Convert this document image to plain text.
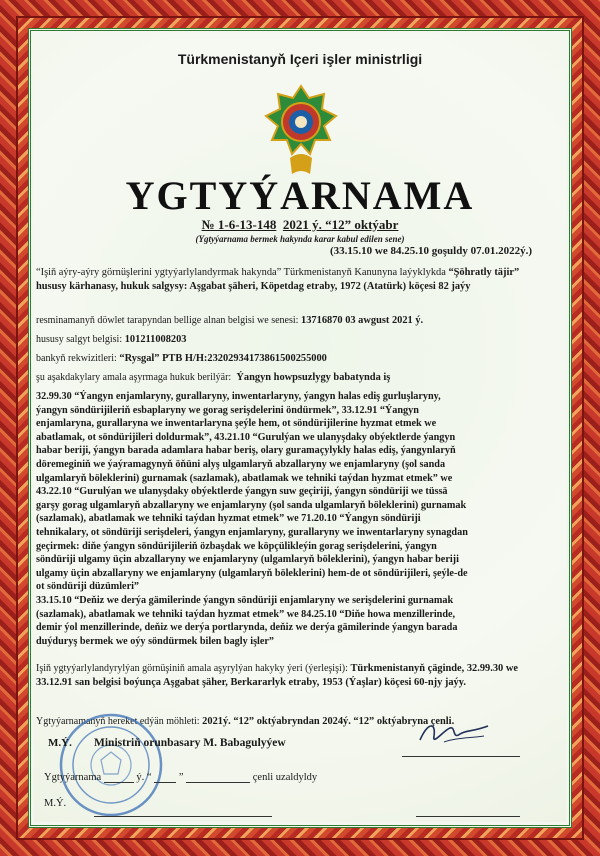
Türkmenistanyň Içeri işler ministrligi
YGTYÝARNAMA
№ 1-6-13-148 2021 ý. “12” oktýabr
(Ygtyýarnama bermek hakynda karar kabul edilen sene)
(33.15.10 we 84.25.10 goşuldy 07.01.2022ý.)
“Işiň aýry-aýry görnüşlerini ygtyýarlylandyrmak hakynda” Türkmenistanyň Kanunyna laýyklykda “Şöhratly täjir” hususy kärhanasy, hukuk salgysy: Aşgabat şäheri, Köpetdag etraby, 1972 (Atatürk) köçesi 82 jaýy
resminamanyň döwlet tarapyndan bellige alnan belgisi we senesi: 13716870 03 awgust 2021 ý.
hususy salgyt belgisi: 101211008203
bankyň rekwizitleri: “Rysgal” PTB H/H:23202934173861500255000
şu aşakdakylary amala aşyrmaga hukuk berilýär: Ýangyn howpsuzlygy babatynda iş
32.99.30 “Ýangyn enjamlaryny, gurallaryny, inwentarlaryny, ýangyn halas ediş gurluşlaryny,
ýangyn söndürijileriň esbaplaryny we gorag serişdelerini öndürmek”, 33.12.91 “Ýangyn
enjamlaryna, gurallaryna we inwentarlaryna şeýle hem, ot söndürijilerine hyzmat etmek we
abatlamak, ot söndürijileri doldurmak”, 43.21.10 “Gurulýan we ulanyşdaky obýektlerde ýangyn
habar beriji, ýangyn barada adamlara habar beriş, olary guramaçylykly halas ediş, ýangynlaryň
döremeginiň we ýaýramagynyň öňüni alyş ulgamlaryň abzallaryny we enjamlaryny (şol sanda
ulgamlaryň böleklerini) gurnamak (sazlamak), abatlamak we tehniki taýdan hyzmat etmek” we
43.22.10 “Gurulýan we ulanyşdaky obýektlerde ýangyn suw geçiriji, ýangyn söndüriji we tüssä
garşy gorag ulgamlaryň abzallaryny we enjamlaryny (şol sanda ulgamlaryň böleklerini) gurnamak
(sazlamak), abatlamak we tehniki taýdan hyzmat etmek” we 71.20.10 “Ýangyn söndüriji
tehnikalary, ot söndüriji serişdeleri, ýangyn enjamlaryny, gurallaryny we inwentarlaryny synagdan
geçirmek: diňe ýangyn söndürijileriň özbaşdak we köpçülikleýin gorag serişdelerini, ýangyn
söndüriji ulgamy üçin abzallaryny we enjamlaryny (ulgamlaryň böleklerini), ýangyn habar beriji
ulgamy üçin abzallaryny we enjamlaryny (ulgamlaryň böleklerini) hem-de ot söndürijileri, şeýle-de
ot söndüriji düzümleri”
33.15.10 “Deňiz we derýa gämilerinde ýangyn söndüriji enjamlaryny we serişdelerini gurnamak
(sazlamak), abatlamak we tehniki taýdan hyzmat etmek” we 84.25.10 “Diňe howa menzillerinde,
demir ýol menzillerinde, deňiz we derýa portlarynda, deňiz we derýa gämilerinde ýangyn barada
duýduryş bermek we oýy söndürmek bilen bagly işler”
Işiň ygtyýarlylandyrylýan görnüşiniň amala aşyrylýan hakyky ýeri (ýerleşişi): Türkmenistanyň çäginde, 32.99.30 we 33.12.91 san belgisi boýunça Aşgabat şäher, Berkararlyk etraby, 1953 (Ýaşlar) köçesi 60-njy jaýy.
Ygtyýarnamanyň hereket edýän möhleti: 2021ý. “12” oktýabryndan 2024ý. “12” oktýabryna çenli.
M.Ý. Ministriň orunbasary M. Babagulyýew
Ygtyýarnama	ý. “	”	çenli uzaldyldy
M.Ý.
